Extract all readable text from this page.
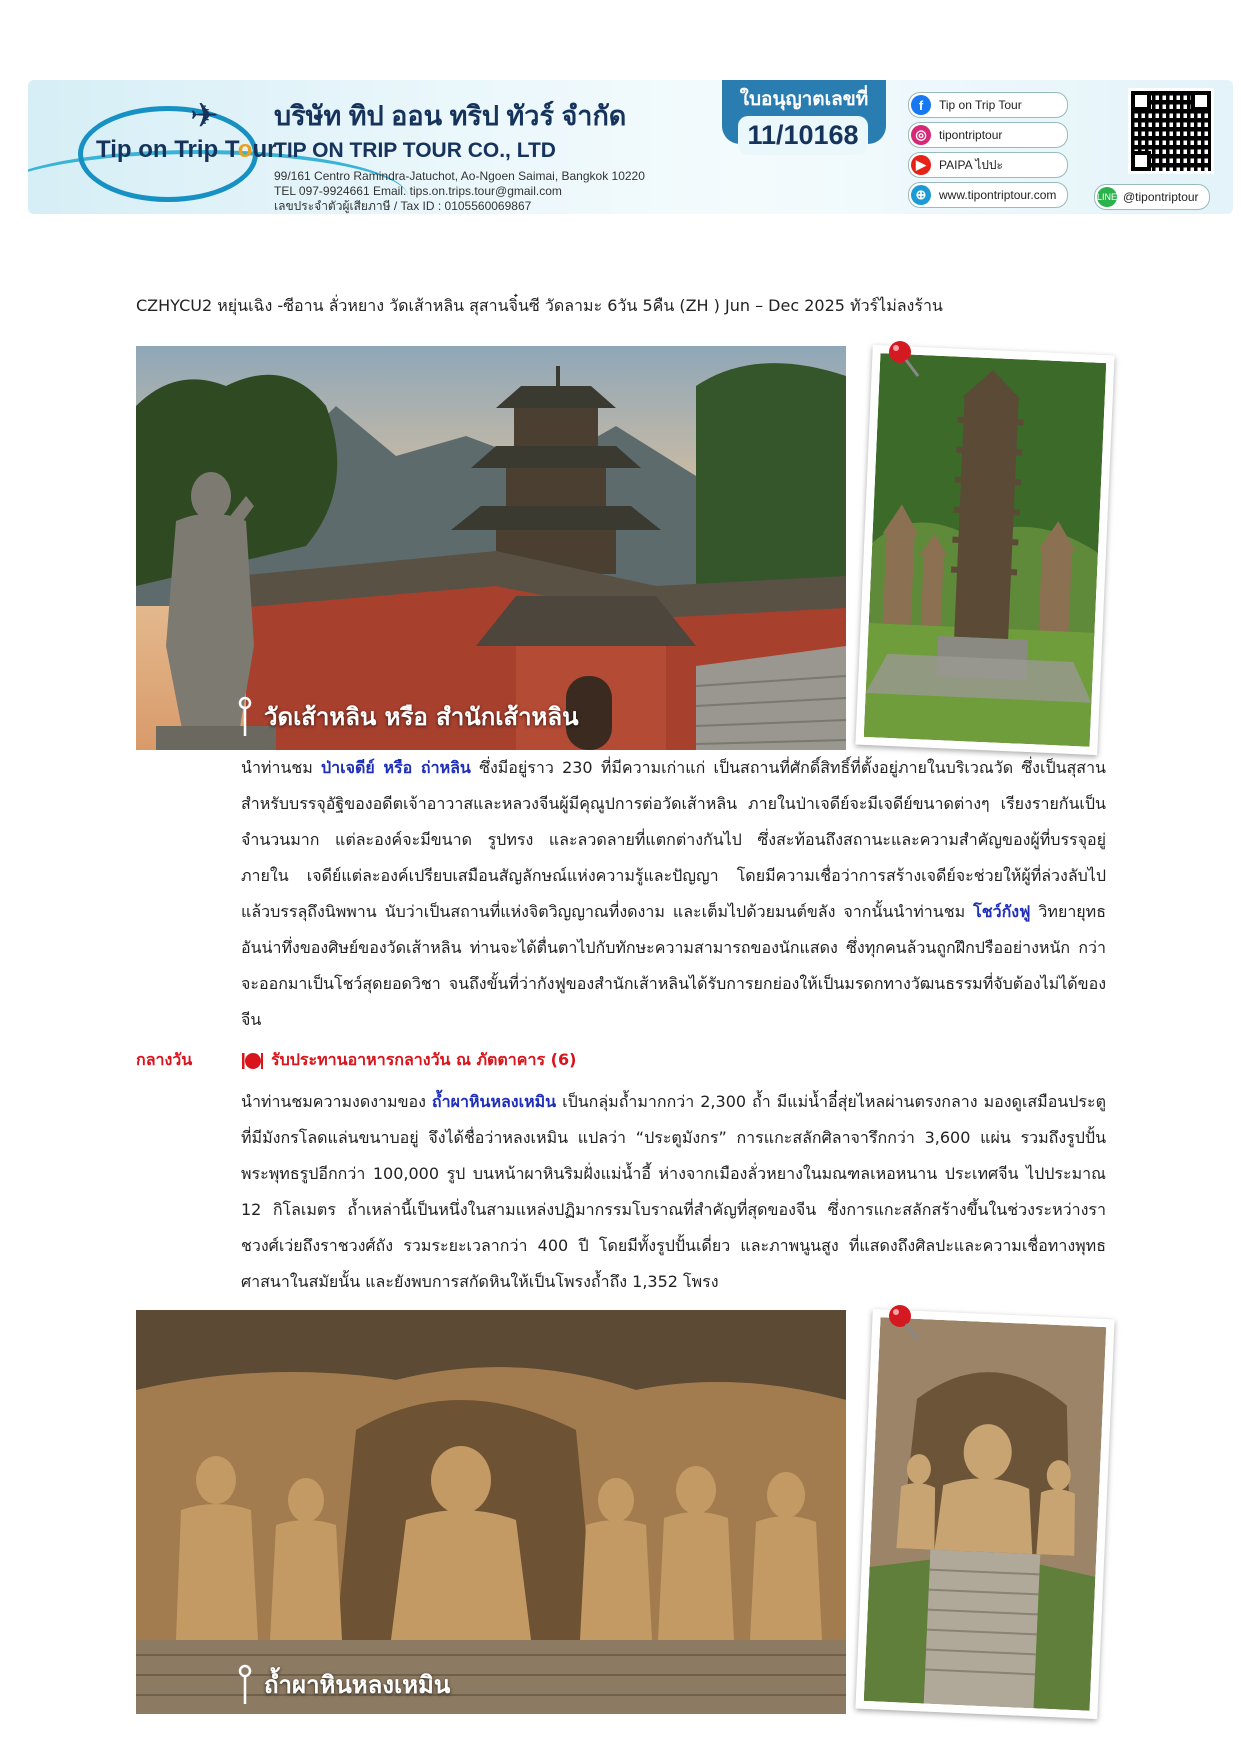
✈
Tip on Trip Tour
บริษัท ทิป ออน ทริป ทัวร์ จำกัด
TIP ON TRIP TOUR CO., LTD
99/161 Centro Ramindra-Jatuchot, Ao-Ngoen Saimai, Bangkok 10220
TEL 097-9924661 Email. tips.on.trips.tour@gmail.com
เลขประจำตัวผู้เสียภาษี / Tax ID : 0105560069867
ใบอนุญาตเลขที่
11/10168
f	Tip on Trip Tour
◎	tipontriptour
▶	PAIPA ไปปะ
⊕	www.tipontriptour.com	LINE @tipontriptour
CZHYCU2 หยุ่นเฉิง -ซีอาน ลั่วหยาง วัดเส้าหลิน สุสานจิ๋นซี วัดลามะ 6วัน 5คืน (ZH ) Jun – Dec 2025 ทัวร์ไม่ลงร้าน
วัดเส้าหลิน หรือ สำนักเส้าหลิน
นำท่านชม ป่าเจดีย์ หรือ ถ่าหลิน ซึ่งมีอยู่ราว 230 ที่มีความเก่าแก่ เป็นสถานที่ศักดิ์สิทธิ์ที่ตั้งอยู่ภายในบริเวณวัด ซึ่งเป็นสุสานสำหรับบรรจุอัฐิของอดีตเจ้าอาวาสและหลวงจีนผู้มีคุณูปการต่อวัดเส้าหลิน ภายในป่าเจดีย์จะมีเจดีย์ขนาดต่างๆ เรียงรายกันเป็นจำนวนมาก แต่ละองค์จะมีขนาด รูปทรง และลวดลายที่แตกต่างกันไป ซึ่งสะท้อนถึงสถานะและความสำคัญของผู้ที่บรรจุอยู่ภายใน เจดีย์แต่ละองค์เปรียบเสมือนสัญลักษณ์แห่งความรู้และปัญญา โดยมีความเชื่อว่าการสร้างเจดีย์จะช่วยให้ผู้ที่ล่วงลับไปแล้วบรรลุถึงนิพพาน นับว่าเป็นสถานที่แห่งจิตวิญญาณที่งดงาม และเต็มไปด้วยมนต์ขลัง จากนั้นนำท่านชม โชว์กังฟู วิทยายุทธอันน่าทึ่งของศิษย์ของวัดเส้าหลิน ท่านจะได้ตื่นตาไปกับทักษะความสามารถของนักแสดง ซึ่งทุกคนล้วนถูกฝึกปรืออย่างหนัก กว่าจะออกมาเป็นโชว์สุดยอดวิชา จนถึงขั้นที่ว่ากังฟูของสำนักเส้าหลินได้รับการยกย่องให้เป็นมรดกทางวัฒนธรรมที่จับต้องไม่ได้ของจีน
กลางวัน	รับประทานอาหารกลางวัน ณ ภัตตาคาร (6)
นำท่านชมความงดงามของ ถ้ำผาหินหลงเหมิน เป็นกลุ่มถ้ำมากกว่า 2,300 ถ้ำ มีแม่น้ำอี๋สุ่ยไหลผ่านตรงกลาง มองดูเสมือนประตูที่มีมังกรโลดแล่นขนาบอยู่ จึงได้ชื่อว่าหลงเหมิน แปลว่า “ประตูมังกร” การแกะสลักศิลาจารึกกว่า 3,600 แผ่น รวมถึงรูปปั้นพระพุทธรูปอีกกว่า 100,000 รูป บนหน้าผาหินริมฝั่งแม่น้ำอี้ ห่างจากเมืองลั่วหยางในมณฑลเหอหนาน ประเทศจีน ไปประมาณ 12 กิโลเมตร ถ้ำเหล่านี้เป็นหนึ่งในสามแหล่งปฏิมากรรมโบราณที่สำคัญที่สุดของจีน ซึ่งการแกะสลักสร้างขึ้นในช่วงระหว่างราชวงศ์เว่ยถึงราชวงศ์ถัง รวมระยะเวลากว่า 400 ปี โดยมีทั้งรูปปั้นเดี่ยว และภาพนูนสูง ที่แสดงถึงศิลปะและความเชื่อทางพุทธศาสนาในสมัยนั้น และยังพบการสกัดหินให้เป็นโพรงถ้ำถึง 1,352 โพรง
ถ้ำผาหินหลงเหมิน
